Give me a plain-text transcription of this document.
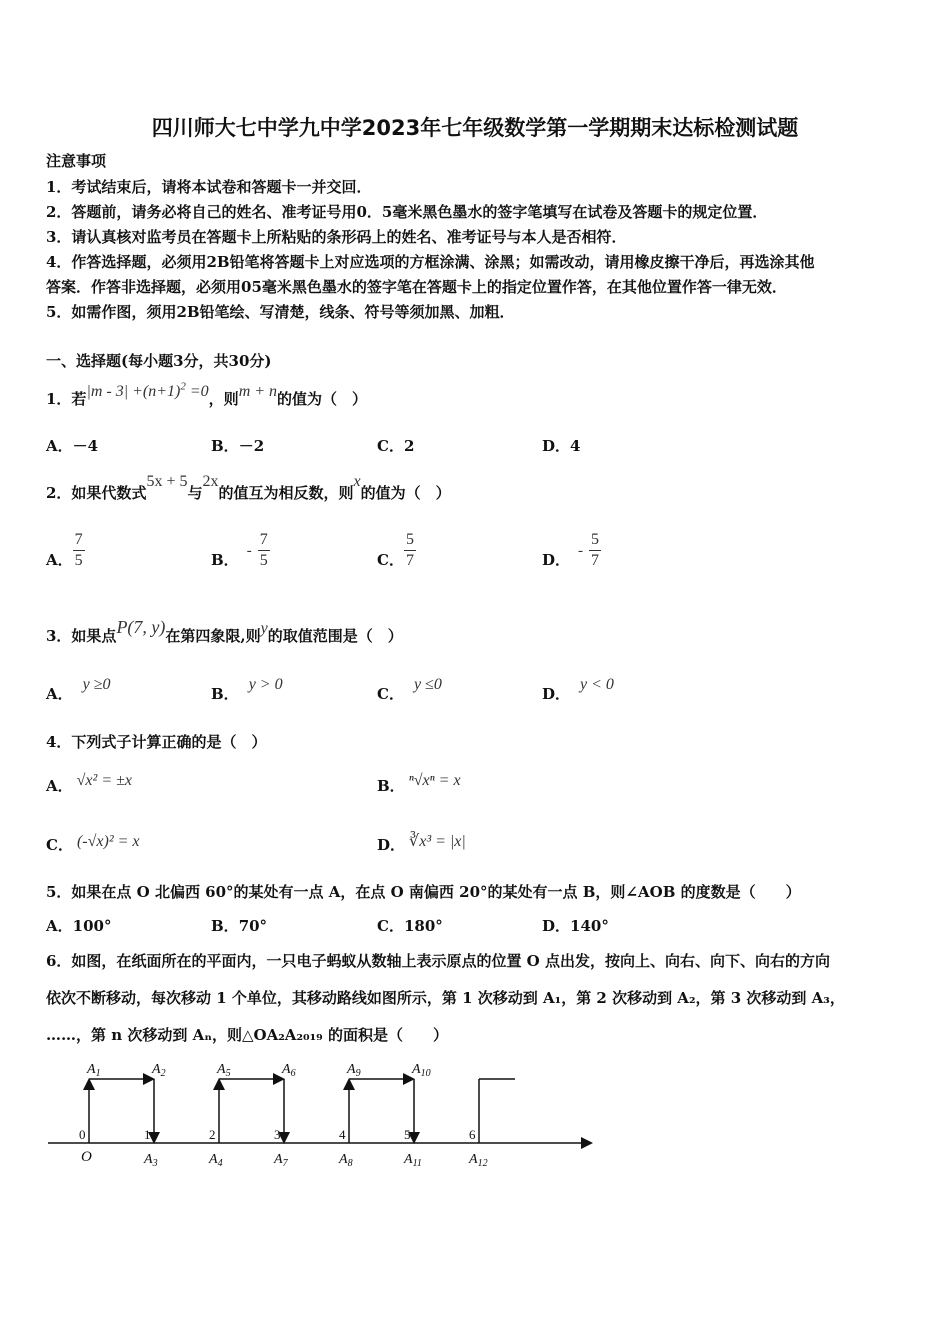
四川师大七中学九中学2023年七年级数学第一学期期末达标检测试题
注意事项
1．考试结束后，请将本试卷和答题卡一并交回．
2．答题前，请务必将自己的姓名、准考证号用0．5毫米黑色墨水的签字笔填写在试卷及答题卡的规定位置．
3．请认真核对监考员在答题卡上所粘贴的条形码上的姓名、准考证号与本人是否相符．
4．作答选择题，必须用2B铅笔将答题卡上对应选项的方框涂满、涂黑；如需改动，请用橡皮擦干净后，再选涂其他
答案．作答非选择题，必须用05毫米黑色墨水的签字笔在答题卡上的指定位置作答，在其他位置作答一律无效．
5．如需作图，须用2B铅笔绘、写清楚，线条、符号等须加黑、加粗．
一、选择题(每小题3分，共30分)
1．若$|m - 3| +(n+1)^2 =0$，则m + n的值为（　）
A．－4	B．－2	C．2	D．4
2．如果代数式5x + 5与2x的值互为相反数，则x的值为（　）
A． $\frac{7}{5}$	B． - $\frac{7}{5}$	C． $\frac{5}{7}$	D． - $\frac{5}{7}$
3．如果点P(7, y)在第四象限,则y的取值范围是（　）
A．y ≥0
B．y > 0
C．y ≤0
D．y < 0
4．下列式子计算正确的是（　）
A． √x² = ±x	B． ⁿ√xⁿ = x
C． (-√x)² = x	D． ∛x³ = |x|
5．如果在点 O 北偏西 60°的某处有一点 A，在点 O 南偏西 20°的某处有一点 B，则∠AOB 的度数是（　　）
A．100°	B．70°	C．180°	D．140°
6．如图，在纸面所在的平面内，一只电子蚂蚁从数轴上表示原点的位置 O 点出发，按向上、向右、向下、向右的方向
依次不断移动，每次移动 1 个单位，其移动路线如图所示，第 1 次移动到 A₁，第 2 次移动到 A₂，第 3 次移动到 A₃，
……，第 n 次移动到 Aₙ，则△OA₂A₂₀₁₉ 的面积是（　　）
0	1	2	3	4	5	6
O
$A_1$	$A_2$	$A_5$	$A_6$	$A_9$	$A_{10}$
$A_3$	$A_4$	$A_7$	$A_8$	$A_{11}$	$A_{12}$
